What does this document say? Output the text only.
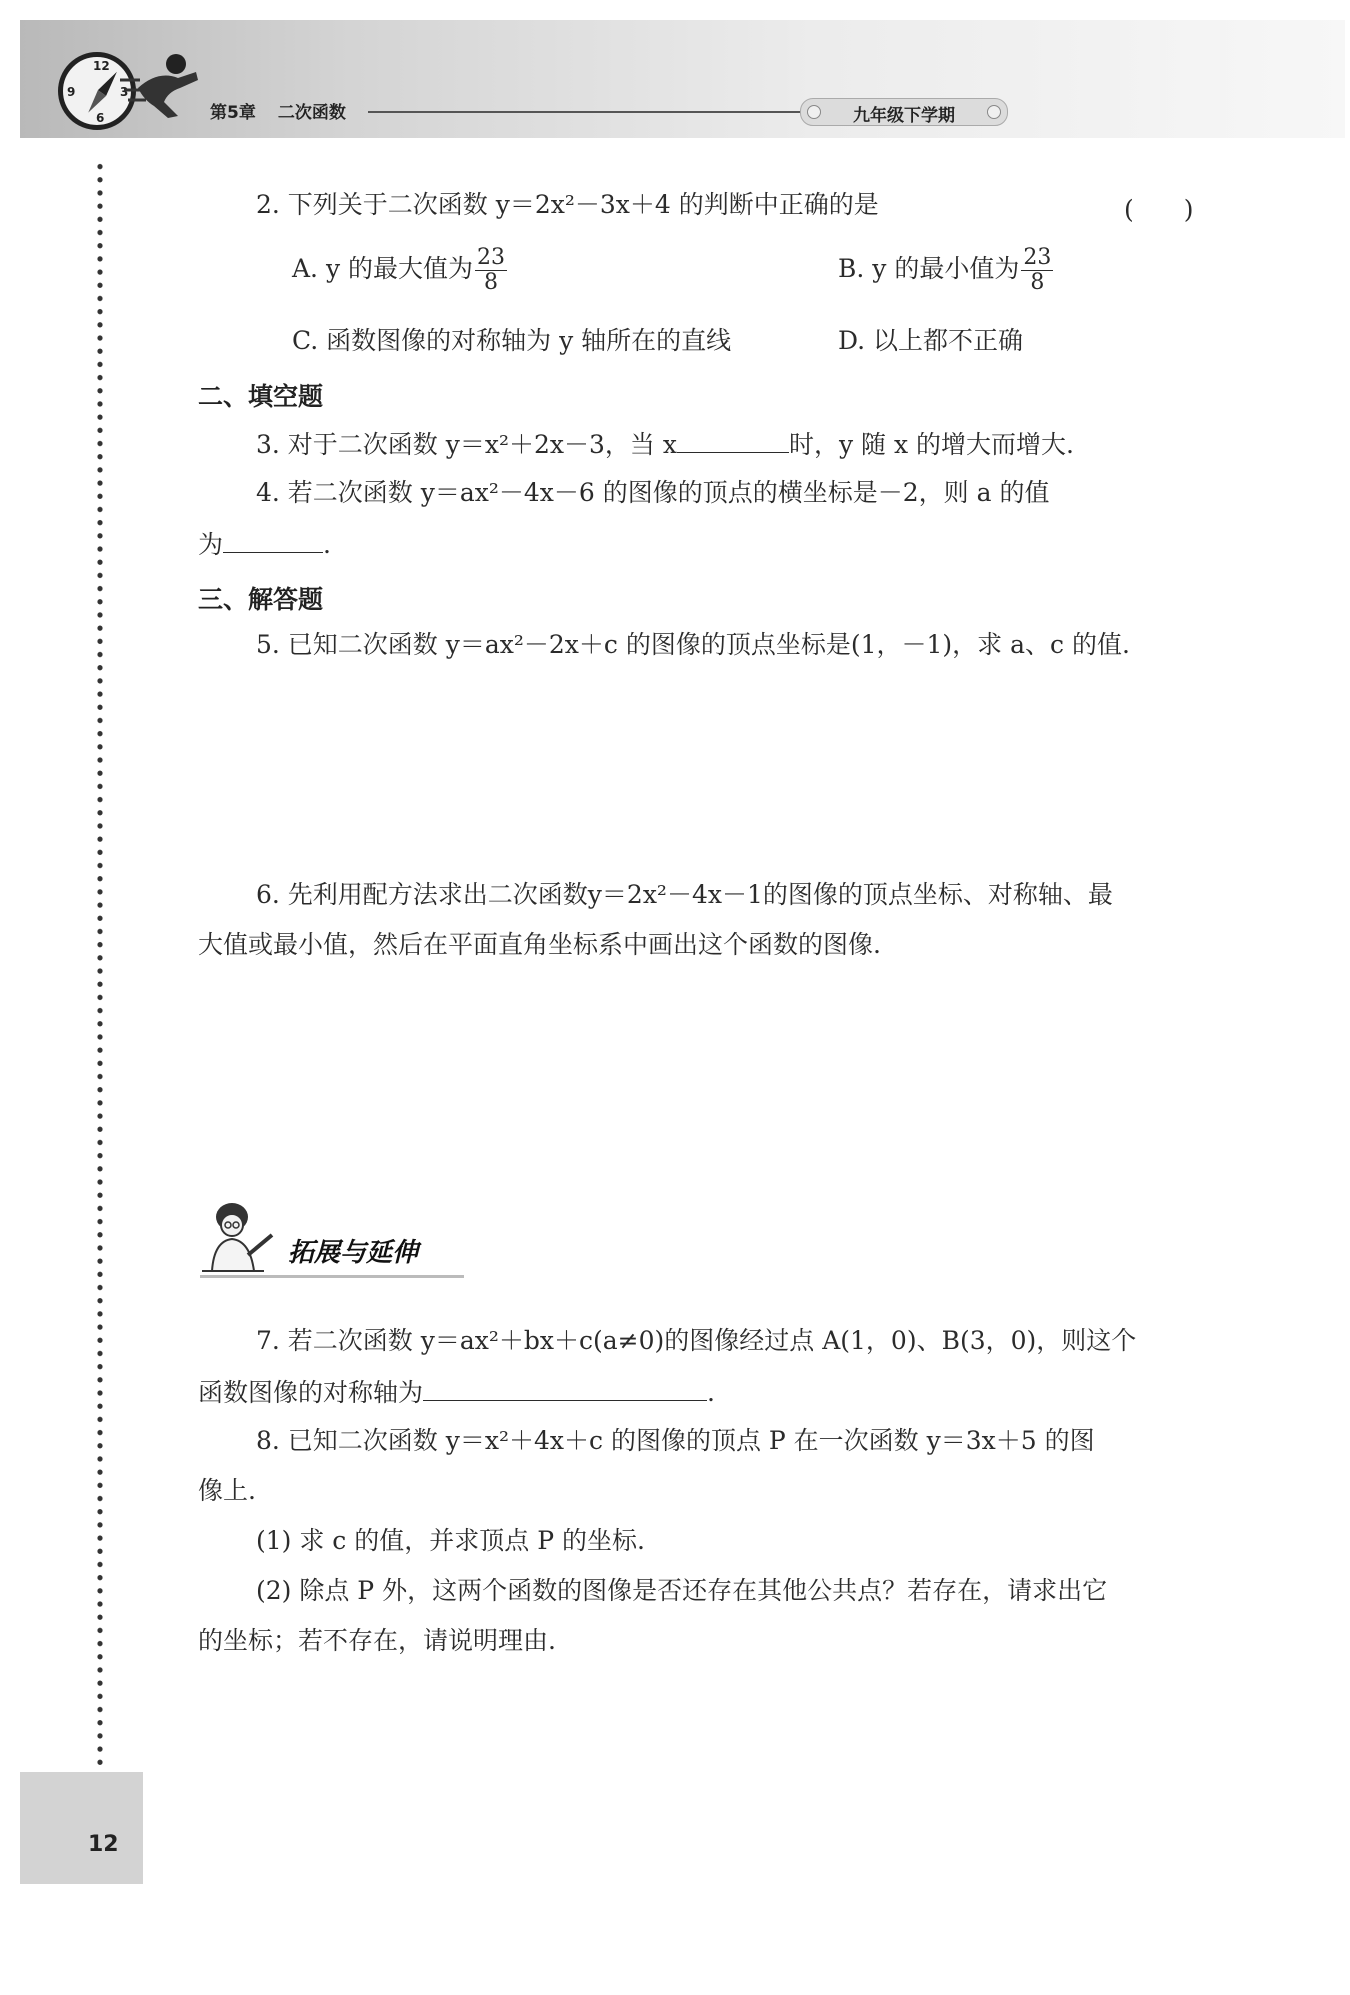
12
3
6
9
第5章 二次函数	九年级下学期
2. 下列关于二次函数 y＝2x²－3x＋4 的判断中正确的是	(　　)
A. y 的最大值为 $\frac{23}{8}$	B. y 的最小值为 $\frac{23}{8}$
C. 函数图像的对称轴为 y 轴所在的直线	D. 以上都不正确
二、填空题
3. 对于二次函数 y＝x²＋2x－3，当 x	时，y 随 x 的增大而增大.
4. 若二次函数 y＝ax²－4x－6 的图像的顶点的横坐标是－2，则 a 的值
为	.
三、解答题
5. 已知二次函数 y＝ax²－2x＋c 的图像的顶点坐标是(1，－1)，求 a、c 的值.
6. 先利用配方法求出二次函数y＝2x²－4x－1的图像的顶点坐标、对称轴、最
大值或最小值，然后在平面直角坐标系中画出这个函数的图像.
拓展与延伸
7. 若二次函数 y＝ax²＋bx＋c(a≠0)的图像经过点 A(1，0)、B(3，0)，则这个
函数图像的对称轴为	.
8. 已知二次函数 y＝x²＋4x＋c 的图像的顶点 P 在一次函数 y＝3x＋5 的图
像上.
(1) 求 c 的值，并求顶点 P 的坐标.
(2) 除点 P 外，这两个函数的图像是否还存在其他公共点？若存在，请求出它
的坐标；若不存在，请说明理由.
12
